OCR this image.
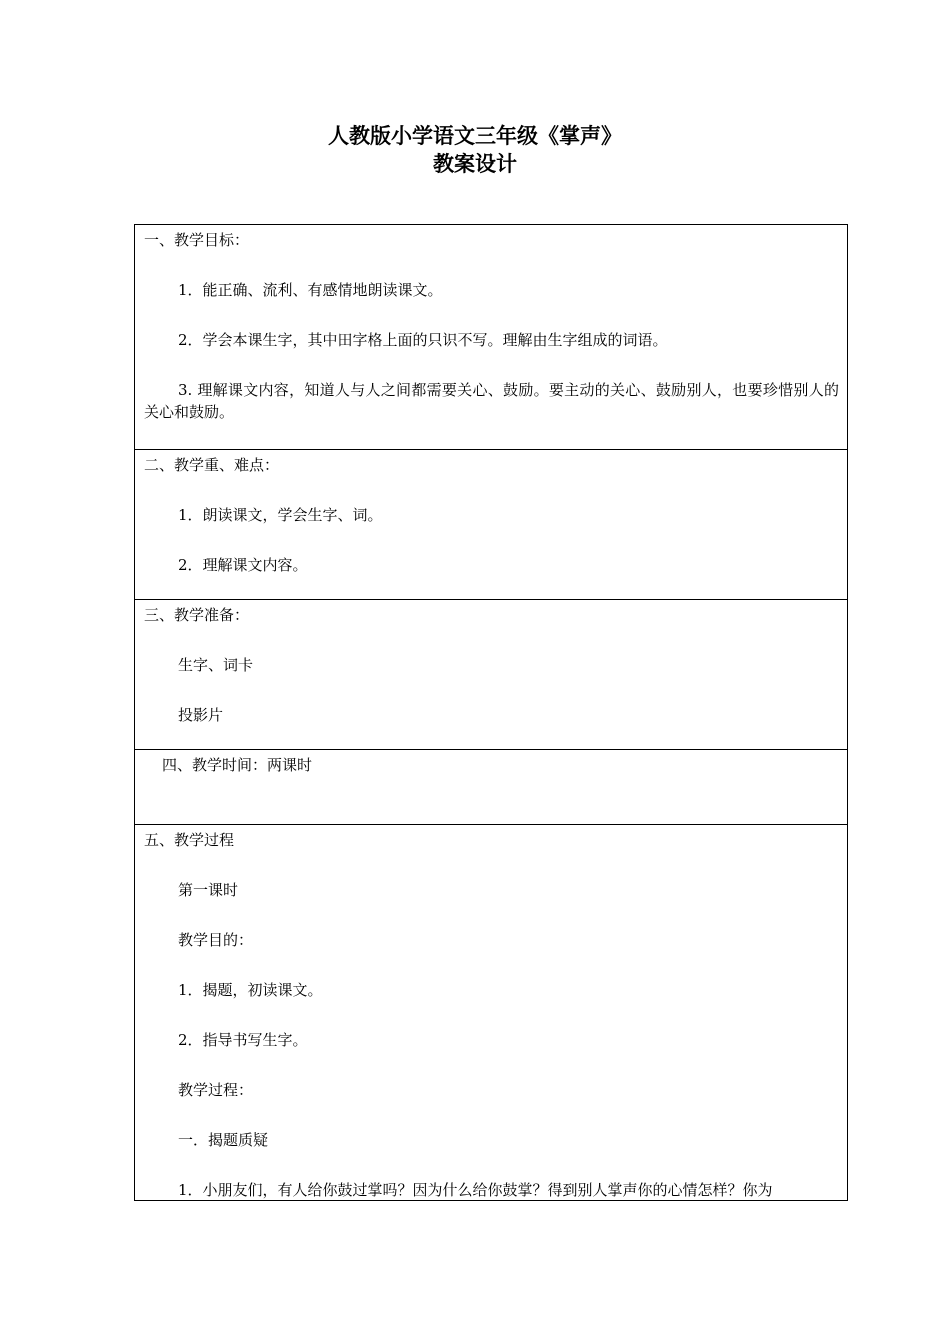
人教版小学语文三年级《掌声》
教案设计
一、教学目标：
1．能正确、流利、有感情地朗读课文。
2．学会本课生字，其中田字格上面的只识不写。理解由生字组成的词语。
3. 理解课文内容，知道人与人之间都需要关心、鼓励。要主动的关心、鼓励别人，也要珍惜别人的关心和鼓励。
二、教学重、难点：
1．朗读课文，学会生字、词。
2．理解课文内容。
三、教学准备：
生字、词卡
投影片
四、教学时间：两课时
五、教学过程
第一课时
教学目的：
1．揭题，初读课文。
2．指导书写生字。
教学过程：
一．揭题质疑
1．小朋友们，有人给你鼓过掌吗？因为什么给你鼓掌？得到别人掌声你的心情怎样？你为
